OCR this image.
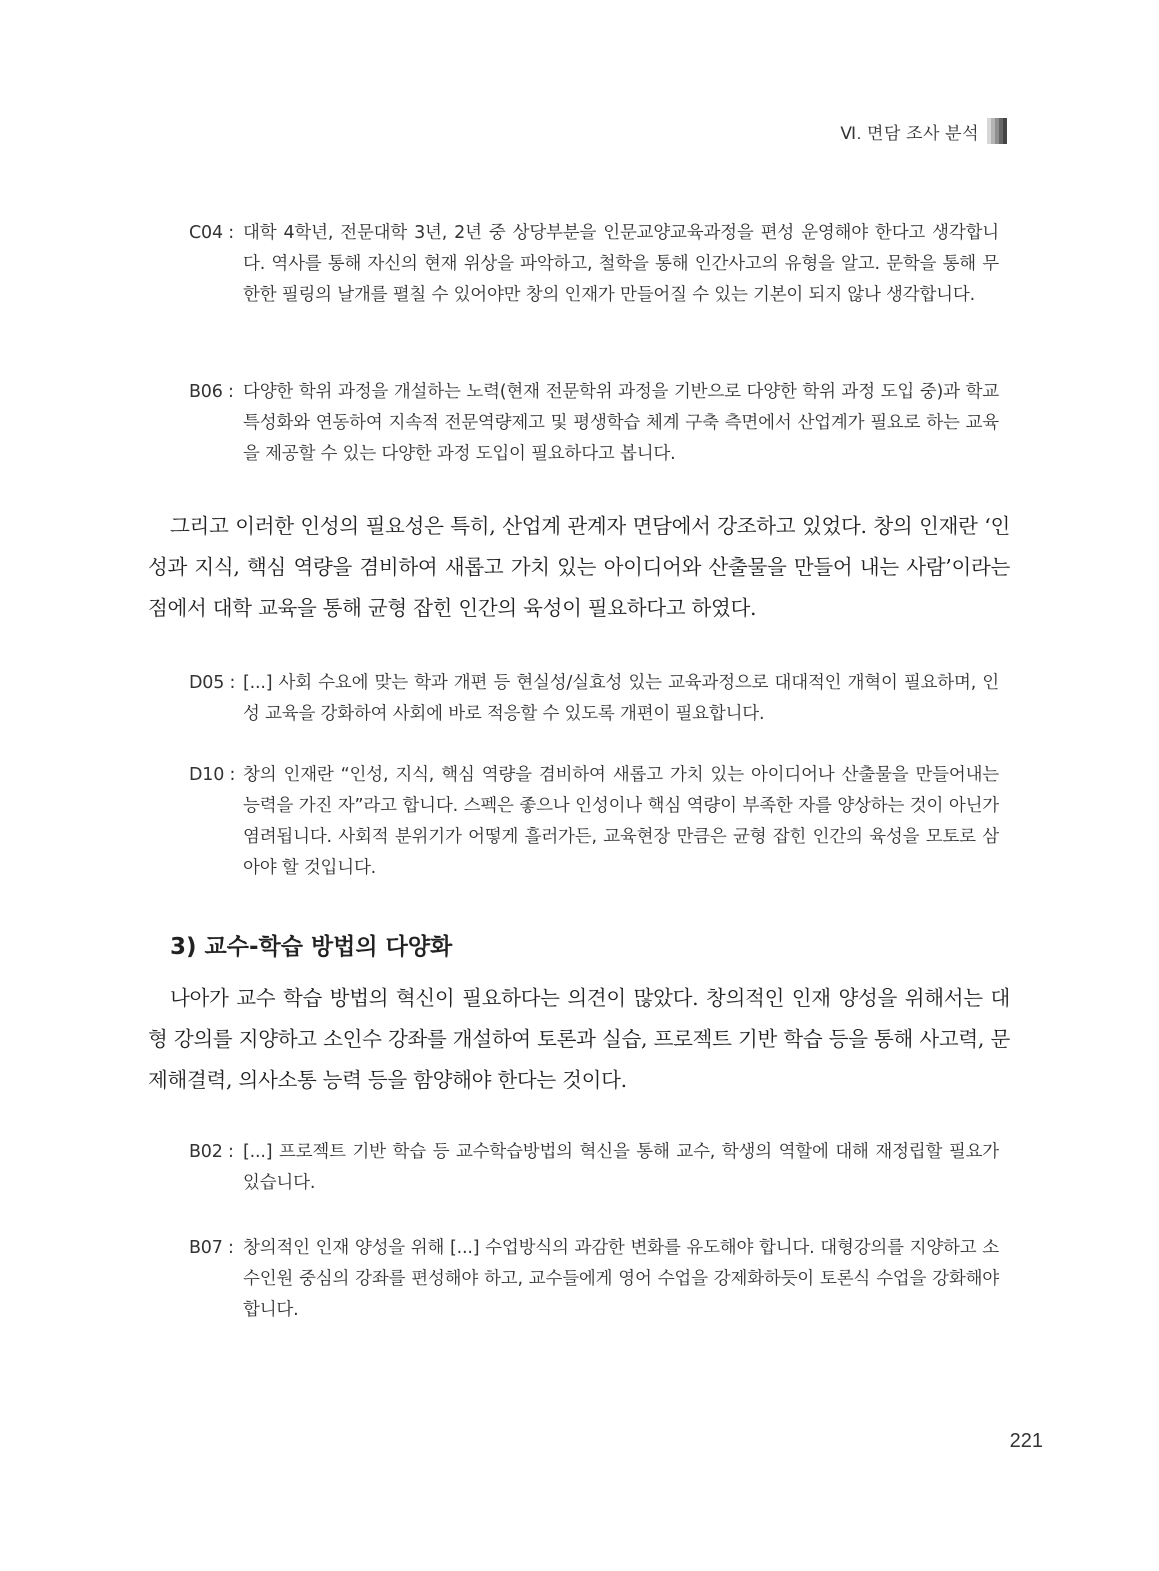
Ⅵ. 면담 조사 분석
C04 : 대학 4학년, 전문대학 3년, 2년 중 상당부분을 인문교양교육과정을 편성 운영해야 한다고 생각합니다. 역사를 통해 자신의 현재 위상을 파악하고, 철학을 통해 인간사고의 유형을 알고. 문학을 통해 무한한 필링의 날개를 펼칠 수 있어야만 창의 인재가 만들어질 수 있는 기본이 되지 않나 생각합니다.
B06 : 다양한 학위 과정을 개설하는 노력(현재 전문학위 과정을 기반으로 다양한 학위 과정 도입 중)과 학교 특성화와 연동하여 지속적 전문역량제고 및 평생학습 체계 구축 측면에서 산업계가 필요로 하는 교육을 제공할 수 있는 다양한 과정 도입이 필요하다고 봅니다.
그리고 이러한 인성의 필요성은 특히, 산업계 관계자 면담에서 강조하고 있었다. 창의 인재란 ‘인성과 지식, 핵심 역량을 겸비하여 새롭고 가치 있는 아이디어와 산출물을 만들어 내는 사람’이라는 점에서 대학 교육을 통해 균형 잡힌 인간의 육성이 필요하다고 하였다.
D05 : [...] 사회 수요에 맞는 학과 개편 등 현실성/실효성 있는 교육과정으로 대대적인 개혁이 필요하며, 인성 교육을 강화하여 사회에 바로 적응할 수 있도록 개편이 필요합니다.
D10 : 창의 인재란 “인성, 지식, 핵심 역량을 겸비하여 새롭고 가치 있는 아이디어나 산출물을 만들어내는 능력을 가진 자”라고 합니다. 스펙은 좋으나 인성이나 핵심 역량이 부족한 자를 양상하는 것이 아닌가 염려됩니다. 사회적 분위기가 어떻게 흘러가든, 교육현장 만큼은 균형 잡힌 인간의 육성을 모토로 삼아야 할 것입니다.
3) 교수-학습 방법의 다양화
나아가 교수 학습 방법의 혁신이 필요하다는 의견이 많았다. 창의적인 인재 양성을 위해서는 대형 강의를 지양하고 소인수 강좌를 개설하여 토론과 실습, 프로젝트 기반 학습 등을 통해 사고력, 문제해결력, 의사소통 능력 등을 함양해야 한다는 것이다.
B02 : [...] 프로젝트 기반 학습 등 교수학습방법의 혁신을 통해 교수, 학생의 역할에 대해 재정립할 필요가 있습니다.
B07 : 창의적인 인재 양성을 위해 [...] 수업방식의 과감한 변화를 유도해야 합니다. 대형강의를 지양하고 소수인원 중심의 강좌를 편성해야 하고, 교수들에게 영어 수업을 강제화하듯이 토론식 수업을 강화해야 합니다.
221
